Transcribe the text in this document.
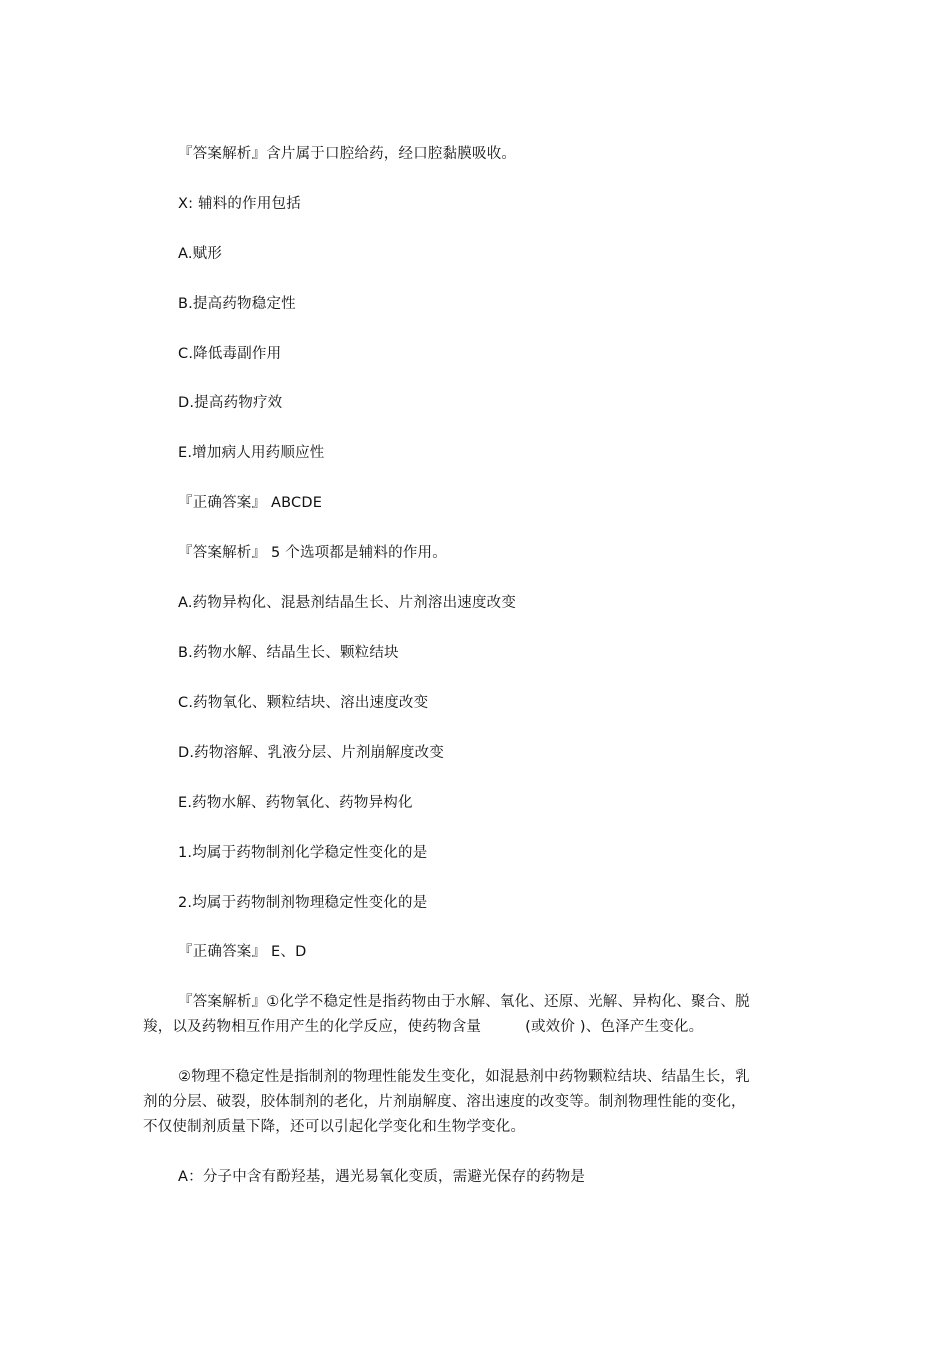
『答案解析』含片属于口腔给药，经口腔黏膜吸收。
X: 辅料的作用包括
A.赋形
B.提高药物稳定性
C.降低毒副作用
D.提高药物疗效
E.增加病人用药顺应性
『正确答案』 ABCDE
『答案解析』 5 个选项都是辅料的作用。
A.药物异构化、混悬剂结晶生长、片剂溶出速度改变
B.药物水解、结晶生长、颗粒结块
C.药物氧化、颗粒结块、溶出速度改变
D.药物溶解、乳液分层、片剂崩解度改变
E.药物水解、药物氧化、药物异构化
1.均属于药物制剂化学稳定性变化的是
2.均属于药物制剂物理稳定性变化的是
『正确答案』 E、D
『答案解析』①化学不稳定性是指药物由于水解、氧化、还原、光解、异构化、聚合、脱羧，以及药物相互作用产生的化学反应，使药物含量	(或效价 )、色泽产生变化。
②物理不稳定性是指制剂的物理性能发生变化，如混悬剂中药物颗粒结块、结晶生长，乳剂的分层、破裂，胶体制剂的老化，片剂崩解度、溶出速度的改变等。制剂物理性能的变化，不仅使制剂质量下降，还可以引起化学变化和生物学变化。
A：分子中含有酚羟基，遇光易氧化变质，需避光保存的药物是
